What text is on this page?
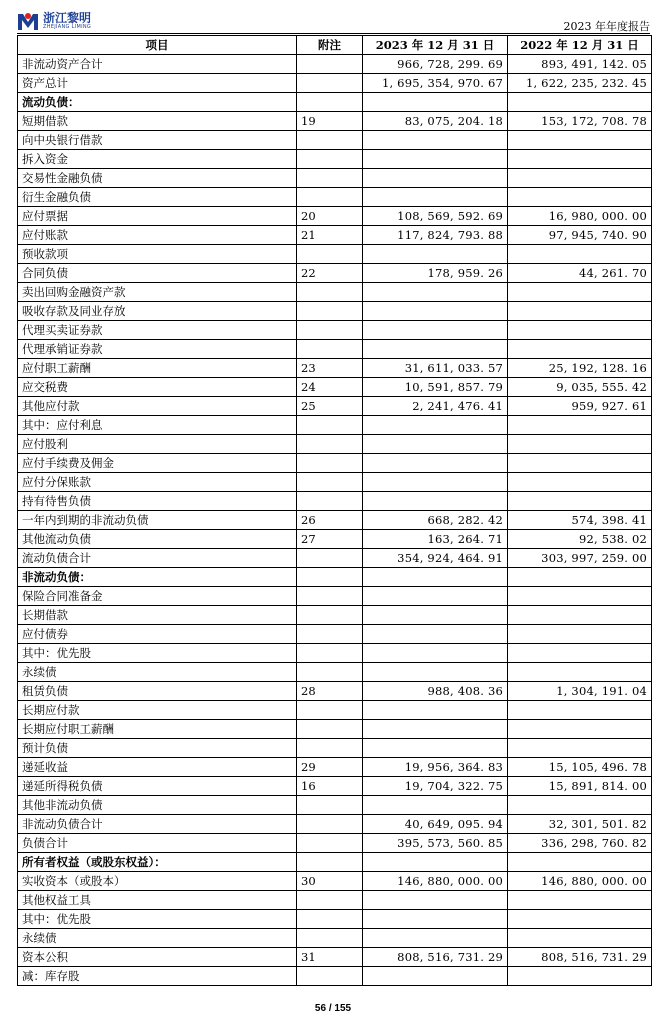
浙江黎明
ZHEJIANG LIMING	2023 年年度报告
项目	附注	2023 年 12 月 31 日	2022 年 12 月 31 日
非流动资产合计		966, 728, 299. 69	893, 491, 142. 05
资产总计		1, 695, 354, 970. 67	1, 622, 235, 232. 45
流动负债：			
短期借款	19	83, 075, 204. 18	153, 172, 708. 78
向中央银行借款			
拆入资金			
交易性金融负债			
衍生金融负债			
应付票据	20	108, 569, 592. 69	16, 980, 000. 00
应付账款	21	117, 824, 793. 88	97, 945, 740. 90
预收款项			
合同负债	22	178, 959. 26	44, 261. 70
卖出回购金融资产款			
吸收存款及同业存放			
代理买卖证券款			
代理承销证券款			
应付职工薪酬	23	31, 611, 033. 57	25, 192, 128. 16
应交税费	24	10, 591, 857. 79	9, 035, 555. 42
其他应付款	25	2, 241, 476. 41	959, 927. 61
其中：应付利息			
应付股利			
应付手续费及佣金			
应付分保账款			
持有待售负债			
一年内到期的非流动负债	26	668, 282. 42	574, 398. 41
其他流动负债	27	163, 264. 71	92, 538. 02
流动负债合计		354, 924, 464. 91	303, 997, 259. 00
非流动负债：			
保险合同准备金			
长期借款			
应付债券			
其中：优先股			
永续债			
租赁负债	28	988, 408. 36	1, 304, 191. 04
长期应付款			
长期应付职工薪酬			
预计负债			
递延收益	29	19, 956, 364. 83	15, 105, 496. 78
递延所得税负债	16	19, 704, 322. 75	15, 891, 814. 00
其他非流动负债			
非流动负债合计		40, 649, 095. 94	32, 301, 501. 82
负债合计		395, 573, 560. 85	336, 298, 760. 82
所有者权益（或股东权益）：			
实收资本（或股本）	30	146, 880, 000. 00	146, 880, 000. 00
其他权益工具			
其中：优先股			
永续债			
资本公积	31	808, 516, 731. 29	808, 516, 731. 29
减：库存股			
56 / 155
